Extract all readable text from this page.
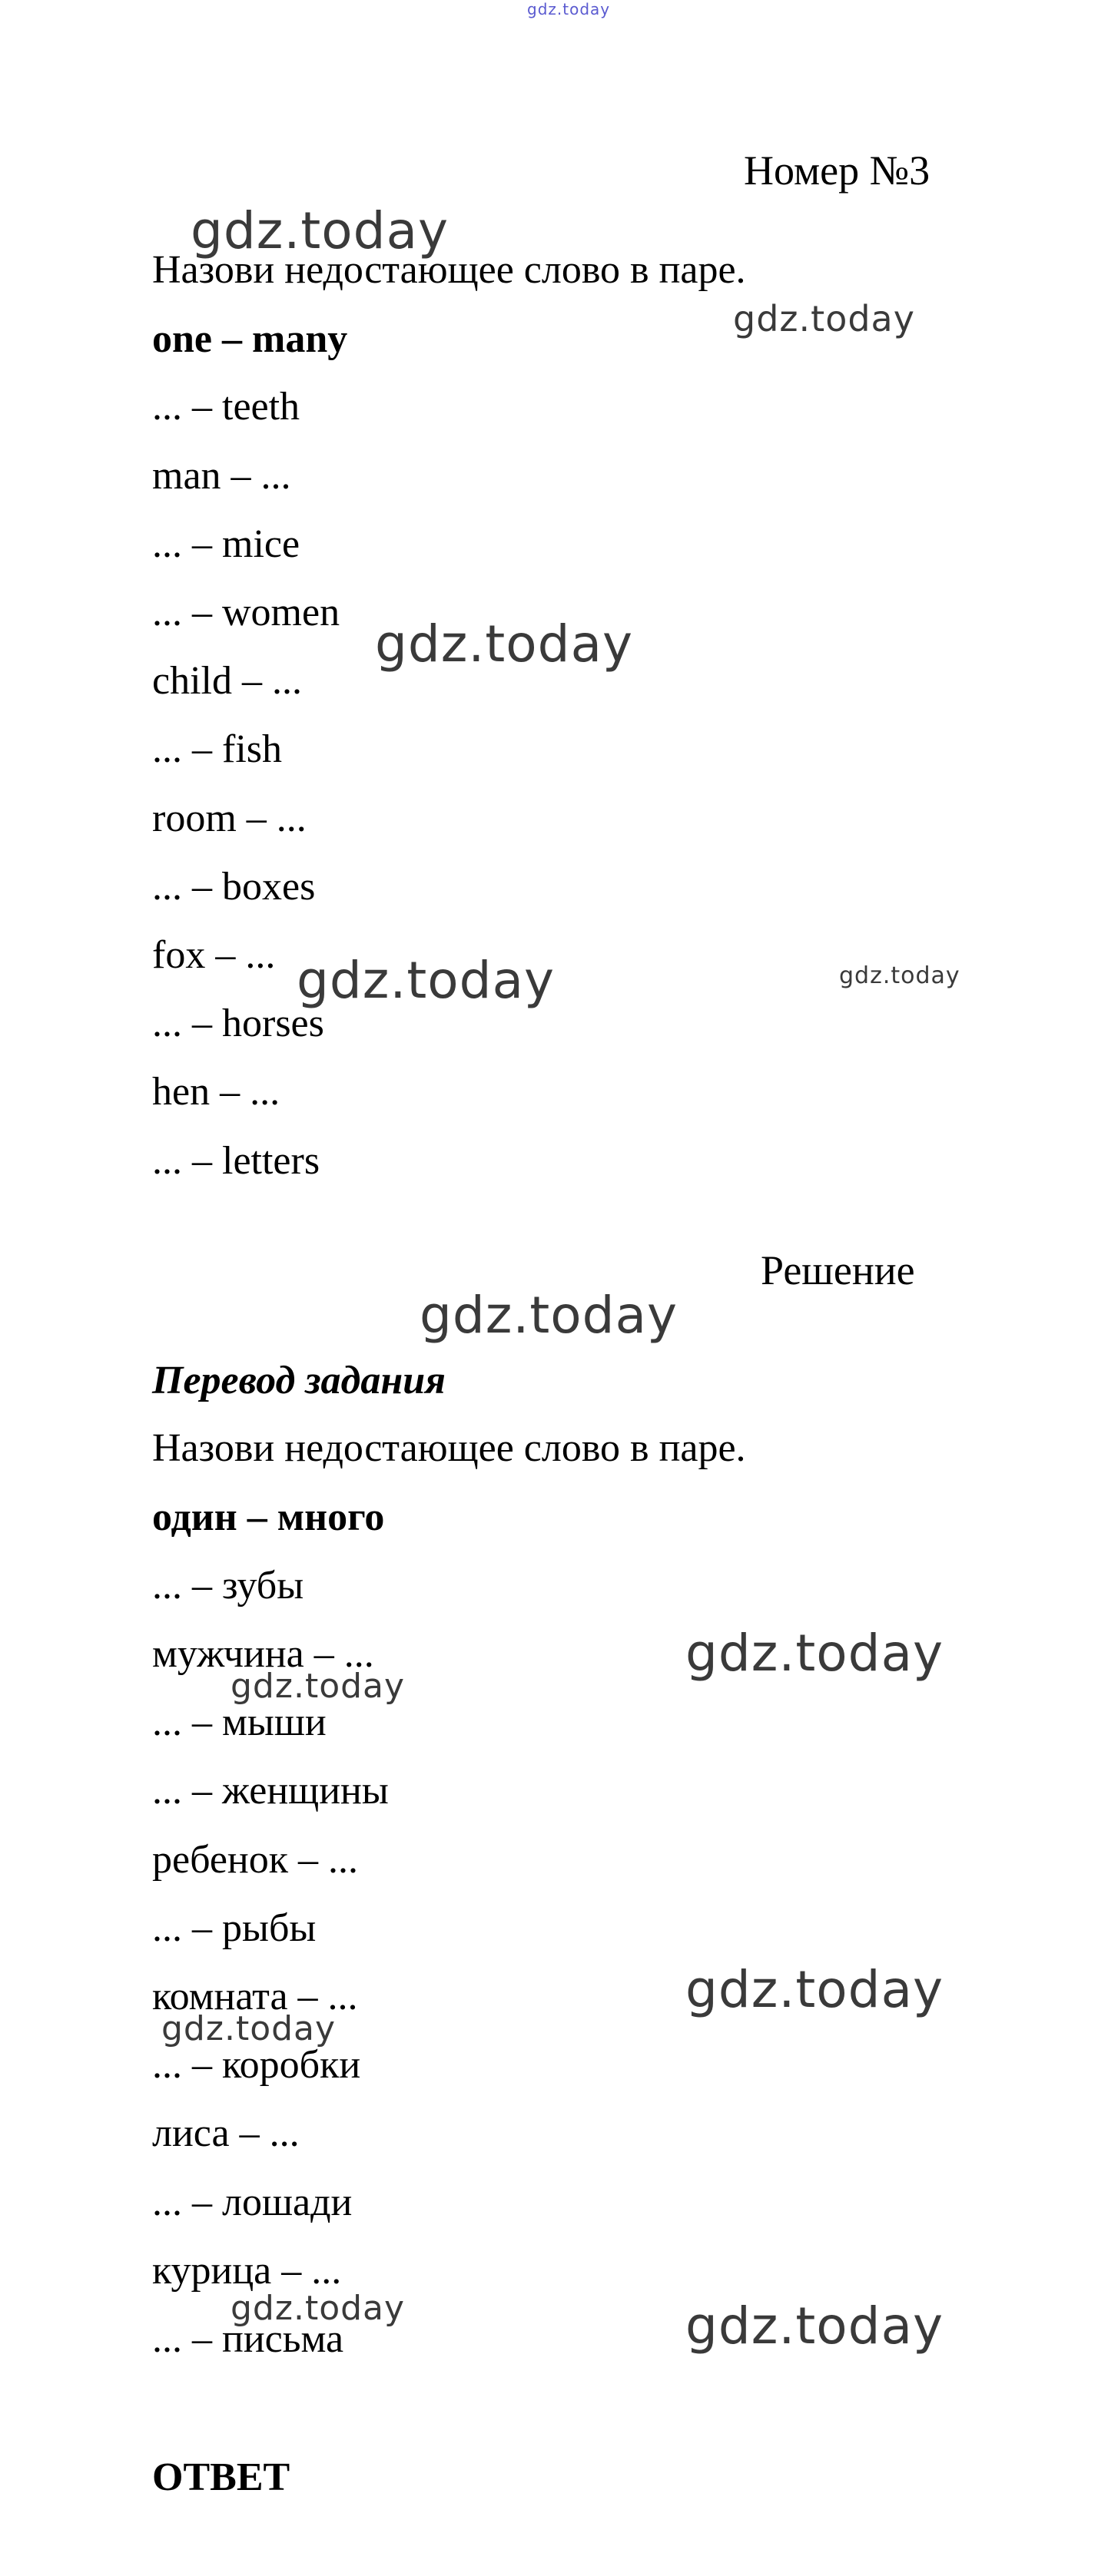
gdz.today
Номер №3
Назови недостающее слово в паре.
one – many
... – teeth
man – ...
... – mice
... – women
child – ...
... – fish
room – ...
... – boxes
fox – ...
... – horses
hen – ...
... – letters
Решение
Перевод задания
Назови недостающее слово в паре.
один – много
... – зубы
мужчина – ...
... – мыши
... – женщины
ребенок – ...
... – рыбы
комната – ...
... – коробки
лиса – ...
... – лошади
курица – ...
... – письма
ОТВЕТ
gdz.today
gdz.today
gdz.today
gdz.today	gdz.today
gdz.today
gdz.today
gdz.today
gdz.today
gdz.today
gdz.today	gdz.today
